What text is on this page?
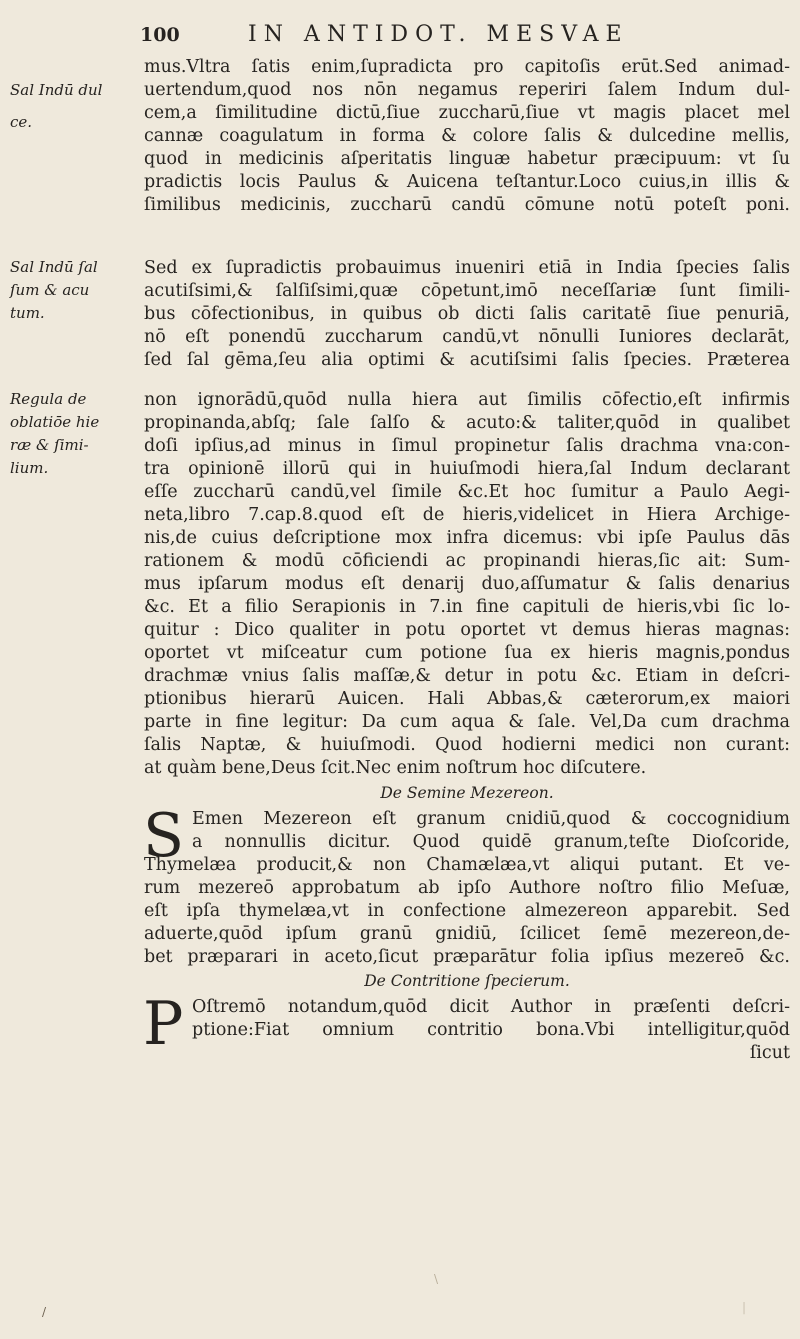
100	IN ANTIDOT. MESVAE
Sal Indū dul
ce.
Sal Indū ſal
ſum & acu
tum.
Regula de
oblatiōe hie
ræ & ſimi-
lium.
mus.Vltra ſatis enim,ſupradicta pro capitoſis erūt.Sed animad-
uertendum,quod nos nōn negamus reperiri ſalem Indum dul-
cem,a ſimilitudine dictū,ſiue zuccharū,ſiue vt magis placet mel
cannæ coagulatum in forma & colore ſalis & dulcedine mellis,
quod in medicinis aſperitatis linguæ habetur præcipuum: vt ſu
pradictis locis Paulus & Auicena teſtantur.Loco cuius,in illis &
ſimilibus medicinis, zuccharū candū cōmune notū poteſt poni.
Sed ex ſupradictis probauimus inueniri etiā in India ſpecies ſalis
acutiſsimi,& ſalſiſsimi,quæ cōpetunt,imō neceſſariæ ſunt ſimili-
bus cōfectionibus, in quibus ob dicti ſalis caritatē ſiue penuriā,
nō eſt ponendū zuccharum candū,vt nōnulli Iuniores declarāt,
ſed ſal gēma,ſeu alia optimi & acutiſsimi ſalis ſpecies. Præterea
non ignorādū,quōd nulla hiera aut ſimilis cōfectio,eſt infirmis
propinanda,abſq; ſale ſalſo & acuto:& taliter,quōd in qualibet
doſi ipſius,ad minus in ſimul propinetur ſalis drachma vna:con-
tra opinionē illorū qui in huiuſmodi hiera,ſal Indum declarant
eſſe zuccharū candū,vel ſimile &c.Et hoc ſumitur a Paulo Aegi-
neta,libro 7.cap.8.quod eſt de hieris,videlicet in Hiera Archige-
nis,de cuius deſcriptione mox infra dicemus: vbi ipſe Paulus dās
rationem & modū cōficiendi ac propinandi hieras,ſic ait: Sum-
mus ipſarum modus eſt denarij duo,aſſumatur & ſalis denarius
&c. Et a filio Serapionis in 7.in fine capituli de hieris,vbi ſic lo-
quitur : Dico qualiter in potu oportet vt demus hieras magnas:
oportet vt miſceatur cum potione ſua ex hieris magnis,pondus
drachmæ vnius ſalis maſſæ,& detur in potu &c. Etiam in deſcri-
ptionibus hierarū Auicen. Hali Abbas,& cæterorum,ex maiori
parte in fine legitur: Da cum aqua & ſale. Vel,Da cum drachma
ſalis Naptæ, & huiuſmodi. Quod hodierni medici non curant:
at quàm bene,Deus ſcit.Nec enim noſtrum hoc diſcutere.
De Semine Mezereon.
S Emen Mezereon eſt granum cnidiū,quod & coccognidium
a nonnullis dicitur. Quod quidē granum,teſte Dioſcoride,
Thymelæa producit,& non Chamælæa,vt aliqui putant. Et ve-
rum mezereō approbatum ab ipſo Authore noſtro filio Meſuæ,
eſt ipſa thymelæa,vt in confectione almezereon apparebit. Sed
aduerte,quōd ipſum granū gnidiū, ſcilicet ſemē mezereon,de-
bet præparari in aceto,ſicut præparātur folia ipſius mezereō &c.
De Contritione ſpecierum.
P Oſtremō notandum,quōd dicit Author in præſenti deſcri-
ptione:Fiat omnium contritio bona.Vbi intelligitur,quōd
ſicut
\
/	|
